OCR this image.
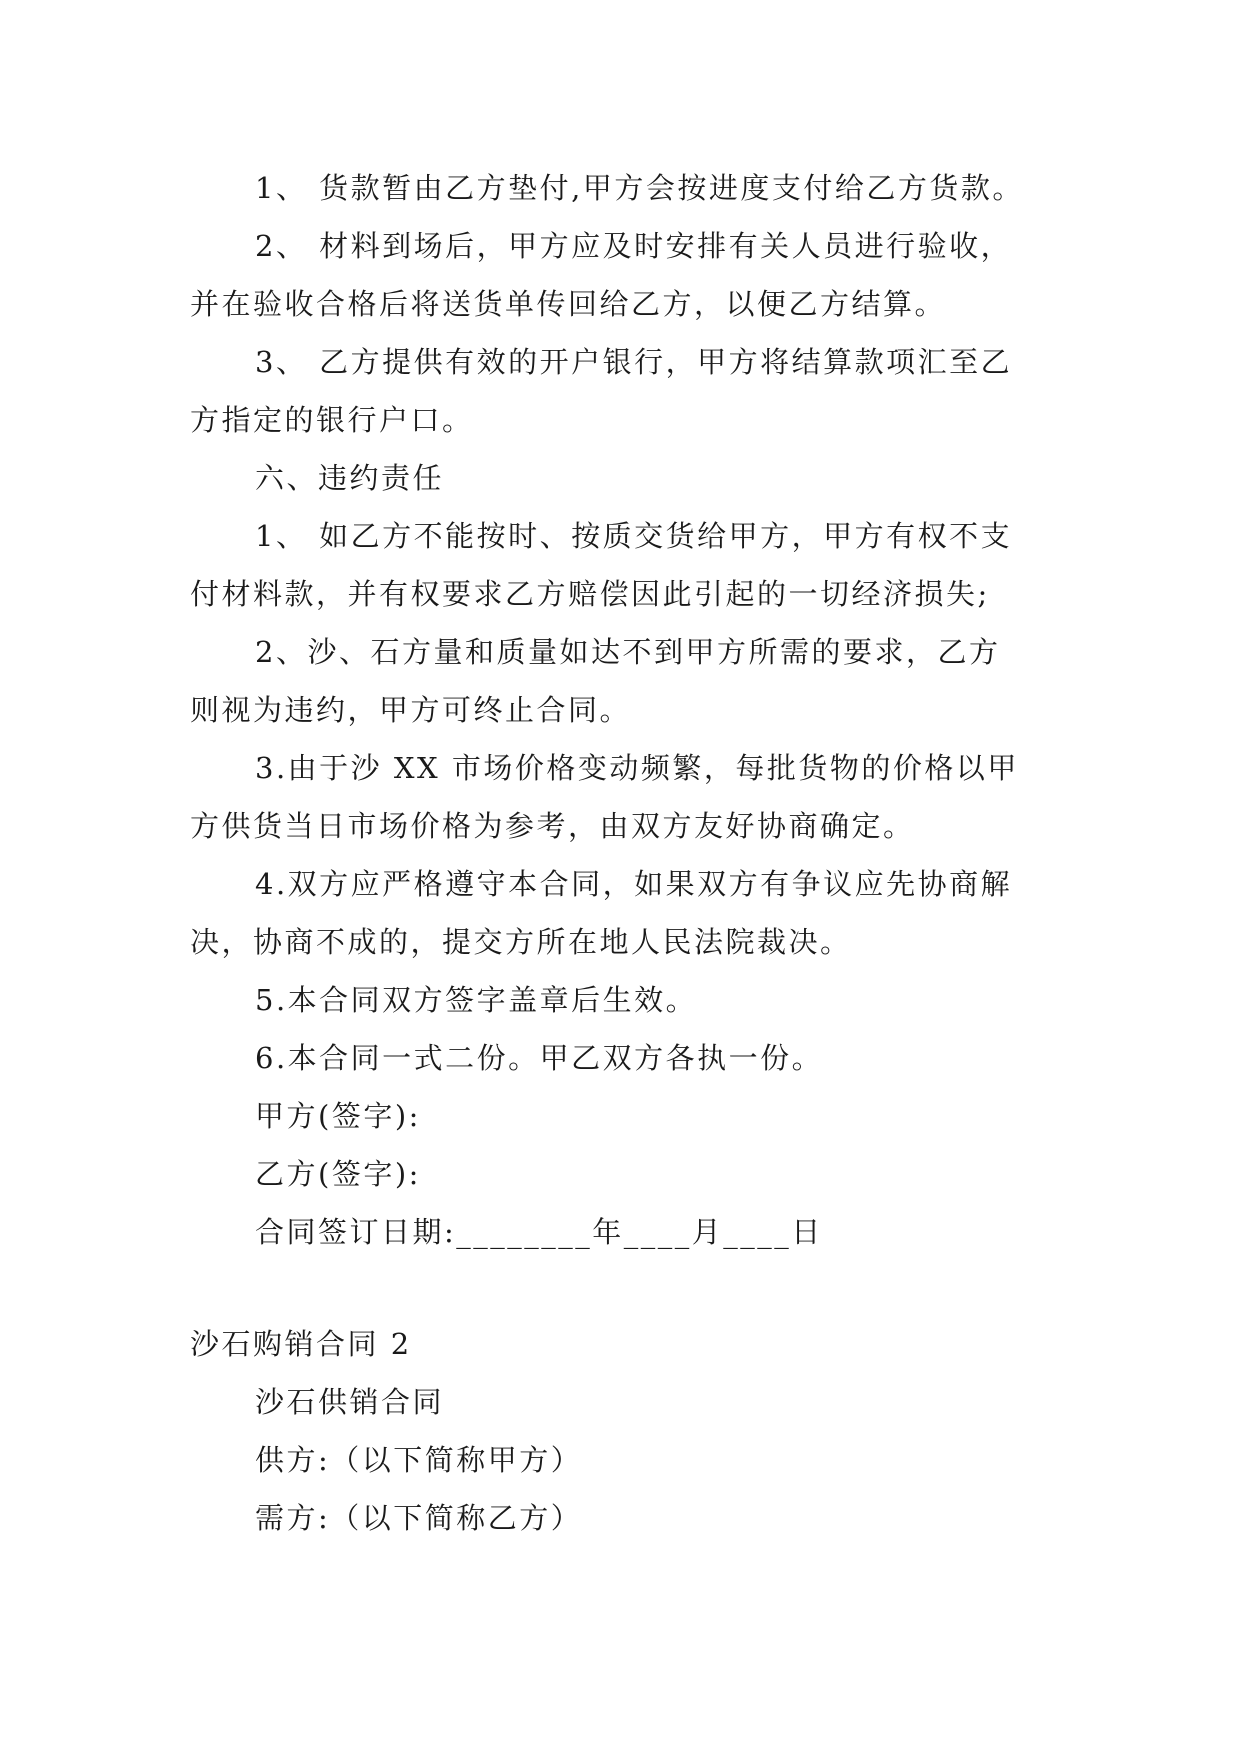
1、 货款暂由乙方垫付,甲方会按进度支付给乙方货款。
2、 材料到场后，甲方应及时安排有关人员进行验收，
并在验收合格后将送货单传回给乙方，以便乙方结算。
3、 乙方提供有效的开户银行，甲方将结算款项汇至乙
方指定的银行户口。
六、违约责任
1、 如乙方不能按时、按质交货给甲方，甲方有权不支
付材料款，并有权要求乙方赔偿因此引起的一切经济损失;
2、沙、石方量和质量如达不到甲方所需的要求，乙方
则视为违约，甲方可终止合同。
3.由于沙 XX 市场价格变动频繁，每批货物的价格以甲
方供货当日市场价格为参考，由双方友好协商确定。
4.双方应严格遵守本合同，如果双方有争议应先协商解
决，协商不成的，提交方所在地人民法院裁决。
5.本合同双方签字盖章后生效。
6.本合同一式二份。甲乙双方各执一份。
甲方(签字):
乙方(签字):
合同签订日期:________年____月____日
沙石购销合同 2
沙石供销合同
供方:（以下简称甲方）
需方:（以下简称乙方）
